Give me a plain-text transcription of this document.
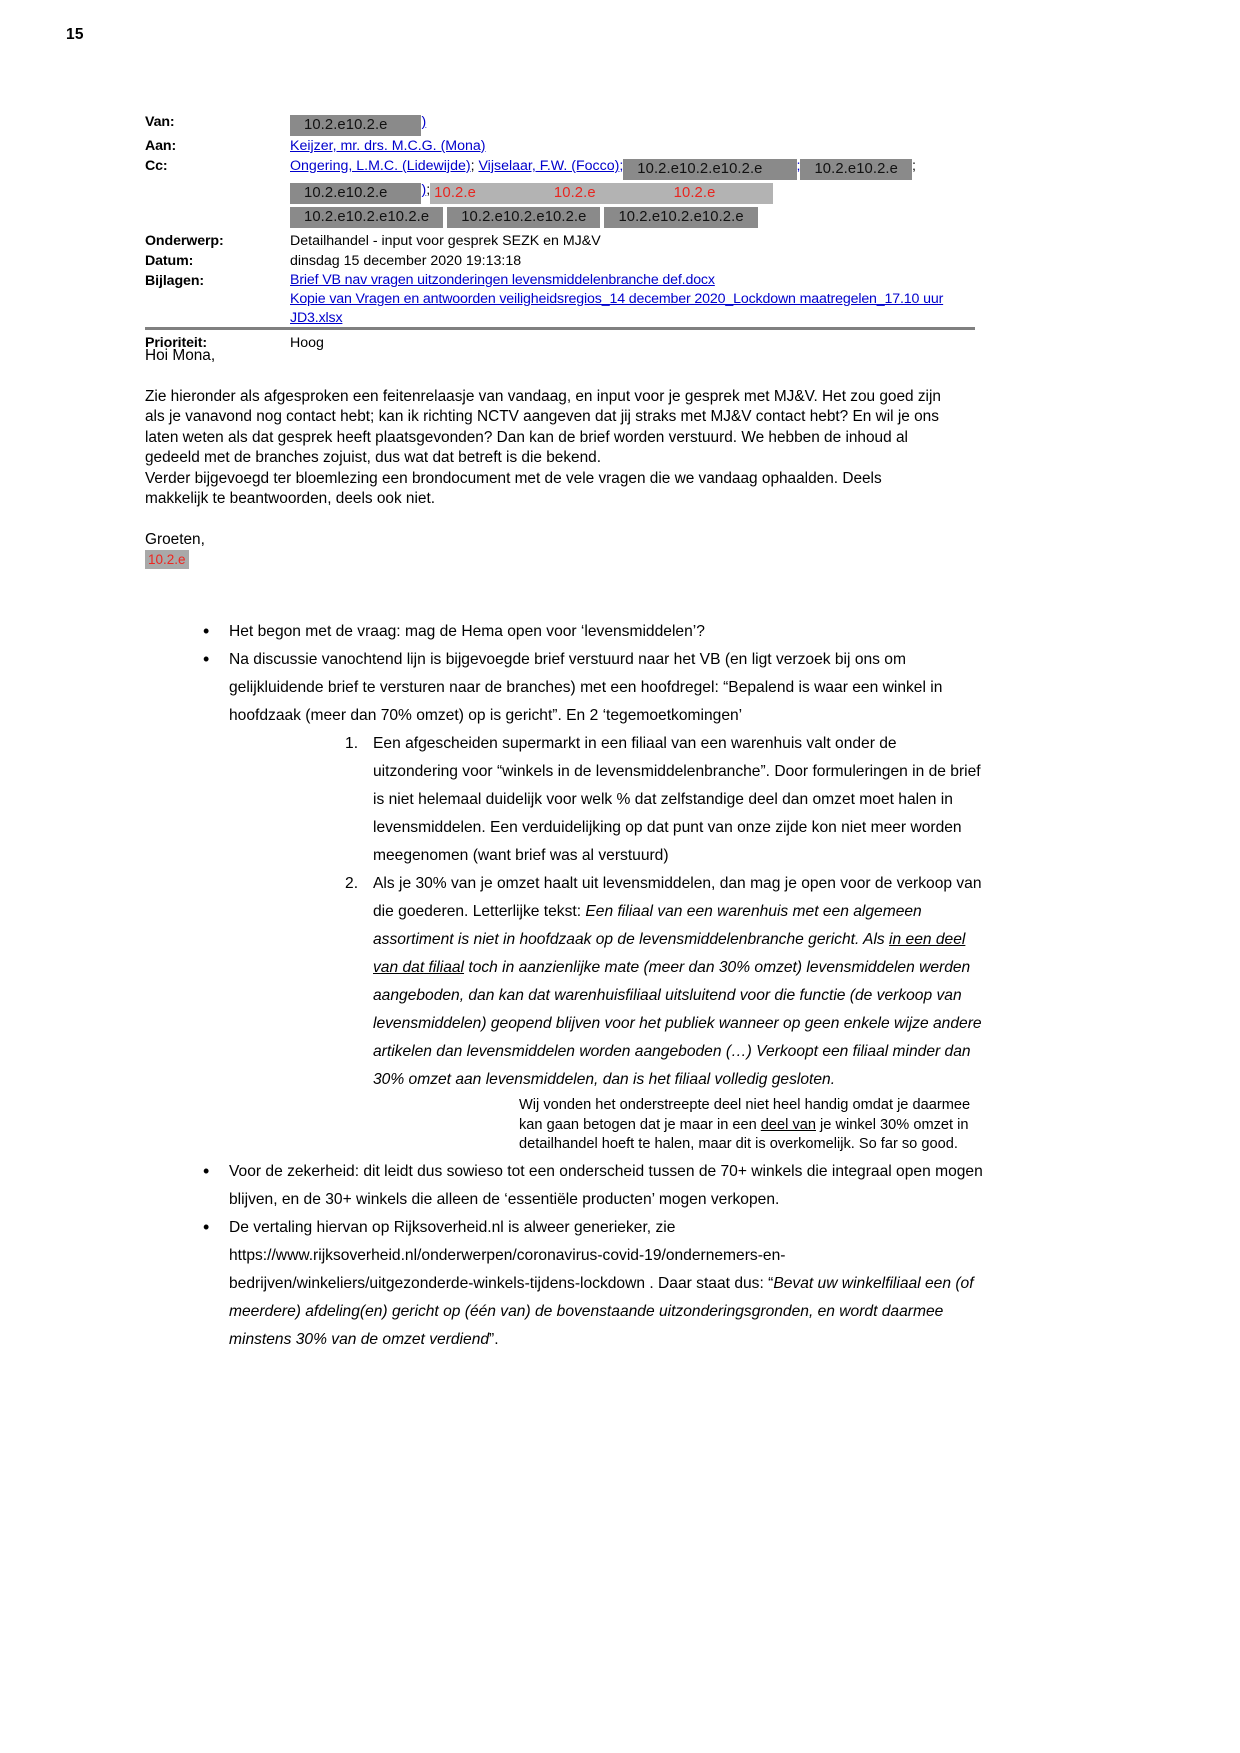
15
Van:	10.2.e10.2.e )
Aan:	Keijzer, mr. drs. M.C.G. (Mona)
Cc:	Ongering, L.M.C. (Lidewijde); Vijselaar, F.W. (Focco); 10.2.e10.2.e10.2.e ; 10.2.e10.2.e ;
10.2.e10.2.e ); 10.2.e	10.2.e	10.2.e
10.2.e10.2.e10.2.e 10.2.e10.2.e10.2.e 10.2.e10.2.e10.2.e
Onderwerp:	Detailhandel - input voor gesprek SEZK en MJ&V
Datum:	dinsdag 15 december 2020 19:13:18
Bijlagen:	Brief VB nav vragen uitzonderingen levensmiddelenbranche def.docx
Kopie van Vragen en antwoorden veiligheidsregios_14 december 2020_Lockdown maatregelen_17.10 uur JD3.xlsx
Prioriteit:	Hoog

Hoi Mona,

Zie hieronder als afgesproken een feitenrelaasje van vandaag, en input voor je gesprek met MJ&V. Het zou goed zijn als je vanavond nog contact hebt; kan ik richting NCTV aangeven dat jij straks met MJ&V contact hebt? En wil je ons laten weten als dat gesprek heeft plaatsgevonden? Dan kan de brief worden verstuurd. We hebben de inhoud al gedeeld met de branches zojuist, dus wat dat betreft is die bekend.

Verder bijgevoegd ter bloemlezing een brondocument met de vele vragen die we vandaag ophaalden. Deels makkelijk te beantwoorden, deels ook niet.

Groeten,

10.2.e

• Het begon met de vraag: mag de Hema open voor ‘levensmiddelen’?
• Na discussie vanochtend lijn is bijgevoegde brief verstuurd naar het VB (en ligt verzoek bij ons om gelijkluidende brief te versturen naar de branches) met een hoofdregel: “Bepalend is waar een winkel in hoofdzaak (meer dan 70% omzet) op is gericht”. En 2 ‘tegemoetkomingen’
Een afgescheiden supermarkt in een filiaal van een warenhuis valt onder de uitzondering voor “winkels in de levensmiddelenbranche”. Door formuleringen in de brief is niet helemaal duidelijk voor welk % dat zelfstandige deel dan omzet moet halen in levensmiddelen. Een verduidelijking op dat punt van onze zijde kon niet meer worden meegenomen (want brief was al verstuurd)
Als je 30% van je omzet haalt uit levensmiddelen, dan mag je open voor de verkoop van die goederen. Letterlijke tekst: Een filiaal van een warenhuis met een algemeen assortiment is niet in hoofdzaak op de levensmiddelenbranche gericht. Als in een deel van dat filiaal toch in aanzienlijke mate (meer dan 30% omzet) levensmiddelen werden aangeboden, dan kan dat warenhuisfiliaal uitsluitend voor die functie (de verkoop van levensmiddelen) geopend blijven voor het publiek wanneer op geen enkele wijze andere artikelen dan levensmiddelen worden aangeboden (…) Verkoopt een filiaal minder dan 30% omzet aan levensmiddelen, dan is het filiaal volledig gesloten.
Wij vonden het onderstreepte deel niet heel handig omdat je daarmee kan gaan betogen dat je maar in een deel van je winkel 30% omzet in detailhandel hoeft te halen, maar dit is overkomelijk. So far so good.
• Voor de zekerheid: dit leidt dus sowieso tot een onderscheid tussen de 70+ winkels die integraal open mogen blijven, en de 30+ winkels die alleen de ‘essentiële producten’ mogen verkopen.
• De vertaling hiervan op Rijksoverheid.nl is alweer generieker, zie https://www.rijksoverheid.nl/onderwerpen/coronavirus-covid-19/ondernemers-en-bedrijven/winkeliers/uitgezonderde-winkels-tijdens-lockdown . Daar staat dus: “Bevat uw winkelfiliaal een (of meerdere) afdeling(en) gericht op (één van) de bovenstaande uitzonderingsgronden, en wordt daarmee minstens 30% van de omzet verdiend”.
